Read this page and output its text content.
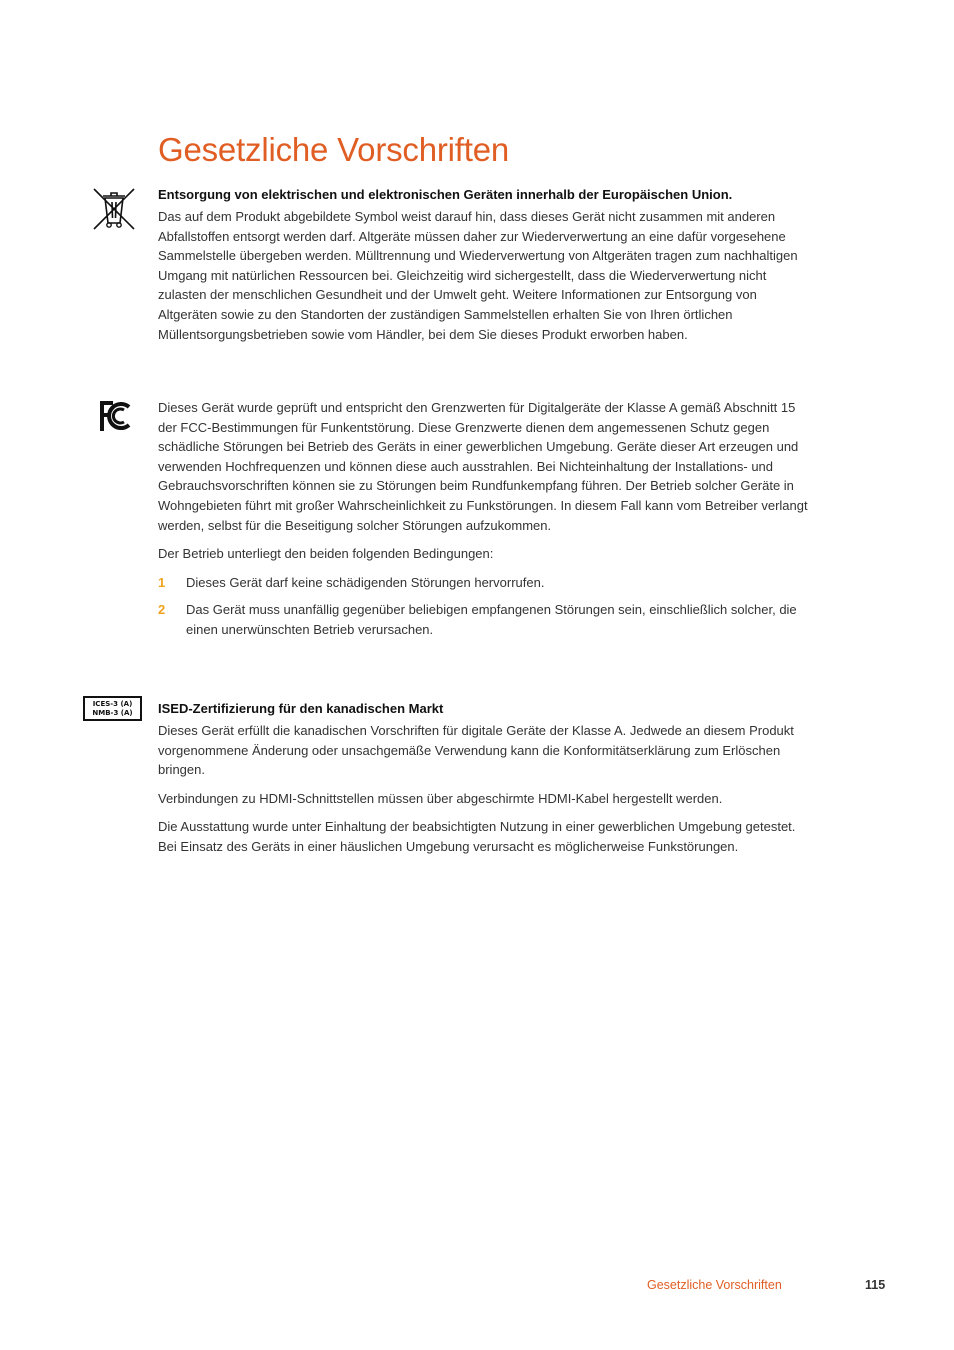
Gesetzliche Vorschriften
Entsorgung von elektrischen und elektronischen Geräten innerhalb der Europäischen Union.

Das auf dem Produkt abgebildete Symbol weist darauf hin, dass dieses Gerät nicht zusammen mit anderen Abfallstoffen entsorgt werden darf. Altgeräte müssen daher zur Wiederverwertung an eine dafür vorgesehene Sammelstelle übergeben werden. Mülltrennung und Wiederverwertung von Altgeräten tragen zum nachhaltigen Umgang mit natürlichen Ressourcen bei. Gleichzeitig wird sichergestellt, dass die Wiederverwertung nicht zulasten der menschlichen Gesundheit und der Umwelt geht. Weitere Informationen zur Entsorgung von Altgeräten sowie zu den Standorten der zuständigen Sammelstellen erhalten Sie von Ihren örtlichen Müllentsorgungsbetrieben sowie vom Händler, bei dem Sie dieses Produkt erworben haben.

Dieses Gerät wurde geprüft und entspricht den Grenzwerten für Digitalgeräte der Klasse A gemäß Abschnitt 15 der FCC-Bestimmungen für Funkentstörung. Diese Grenzwerte dienen dem angemessenen Schutz gegen schädliche Störungen bei Betrieb des Geräts in einer gewerblichen Umgebung. Geräte dieser Art erzeugen und verwenden Hochfrequenzen und können diese auch ausstrahlen. Bei Nichteinhaltung der Installations- und Gebrauchsvorschriften können sie zu Störungen beim Rundfunkempfang führen. Der Betrieb solcher Geräte in Wohngebieten führt mit großer Wahrscheinlichkeit zu Funkstörungen. In diesem Fall kann vom Betreiber verlangt werden, selbst für die Beseitigung solcher Störungen aufzukommen.

Der Betrieb unterliegt den beiden folgenden Bedingungen:

1 Dieses Gerät darf keine schädigenden Störungen hervorrufen.
2 Das Gerät muss unanfällig gegenüber beliebigen empfangenen Störungen sein, einschließlich solcher, die einen unerwünschten Betrieb verursachen.
ICES-3 (A)
NMB-3 (A)	ISED-Zertifizierung für den kanadischen Markt

Dieses Gerät erfüllt die kanadischen Vorschriften für digitale Geräte der Klasse A. Jedwede an diesem Produkt vorgenommene Änderung oder unsachgemäße Verwendung kann die Konformitätserklärung zum Erlöschen bringen.

Verbindungen zu HDMI-Schnittstellen müssen über abgeschirmte HDMI-Kabel hergestellt werden.

Die Ausstattung wurde unter Einhaltung der beabsichtigten Nutzung in einer gewerblichen Umgebung getestet. Bei Einsatz des Geräts in einer häuslichen Umgebung verursacht es möglicherweise Funkstörungen.

Gesetzliche Vorschriften	115
